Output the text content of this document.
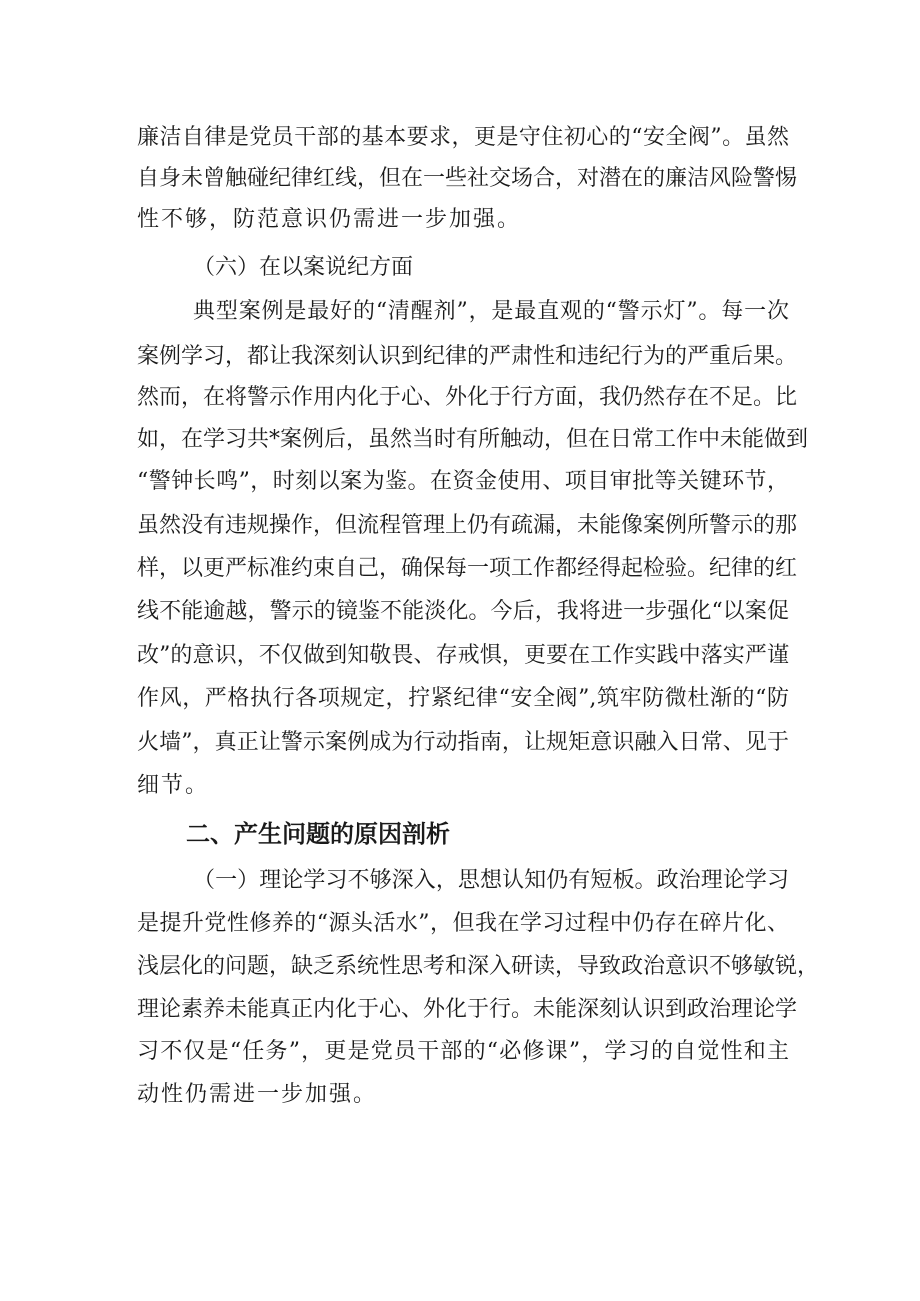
廉洁自律是党员干部的基本要求，更是守住初心的“安全阀”。虽然
自身未曾触碰纪律红线，但在一些社交场合，对潜在的廉洁风险警惕
性不够，防范意识仍需进一步加强。
（六）在以案说纪方面
典型案例是最好的“清醒剂”，是最直观的“警示灯”。每一次
案例学习，都让我深刻认识到纪律的严肃性和违纪行为的严重后果。
然而，在将警示作用内化于心、外化于行方面，我仍然存在不足。比
如，在学习共*案例后，虽然当时有所触动，但在日常工作中未能做到
“警钟长鸣”，时刻以案为鉴。在资金使用、项目审批等关键环节，
虽然没有违规操作，但流程管理上仍有疏漏，未能像案例所警示的那
样，以更严标准约束自己，确保每一项工作都经得起检验。纪律的红
线不能逾越，警示的镜鉴不能淡化。今后，我将进一步强化“以案促
改”的意识，不仅做到知敬畏、存戒惧，更要在工作实践中落实严谨
作风，严格执行各项规定，拧紧纪律“安全阀”,筑牢防微杜渐的“防
火墙”，真正让警示案例成为行动指南，让规矩意识融入日常、见于
细节。
二、产生问题的原因剖析
（一）理论学习不够深入，思想认知仍有短板。政治理论学习
是提升党性修养的“源头活水”，但我在学习过程中仍存在碎片化、
浅层化的问题，缺乏系统性思考和深入研读，导致政治意识不够敏锐，
理论素养未能真正内化于心、外化于行。未能深刻认识到政治理论学
习不仅是“任务”，更是党员干部的“必修课”，学习的自觉性和主
动性仍需进一步加强。
